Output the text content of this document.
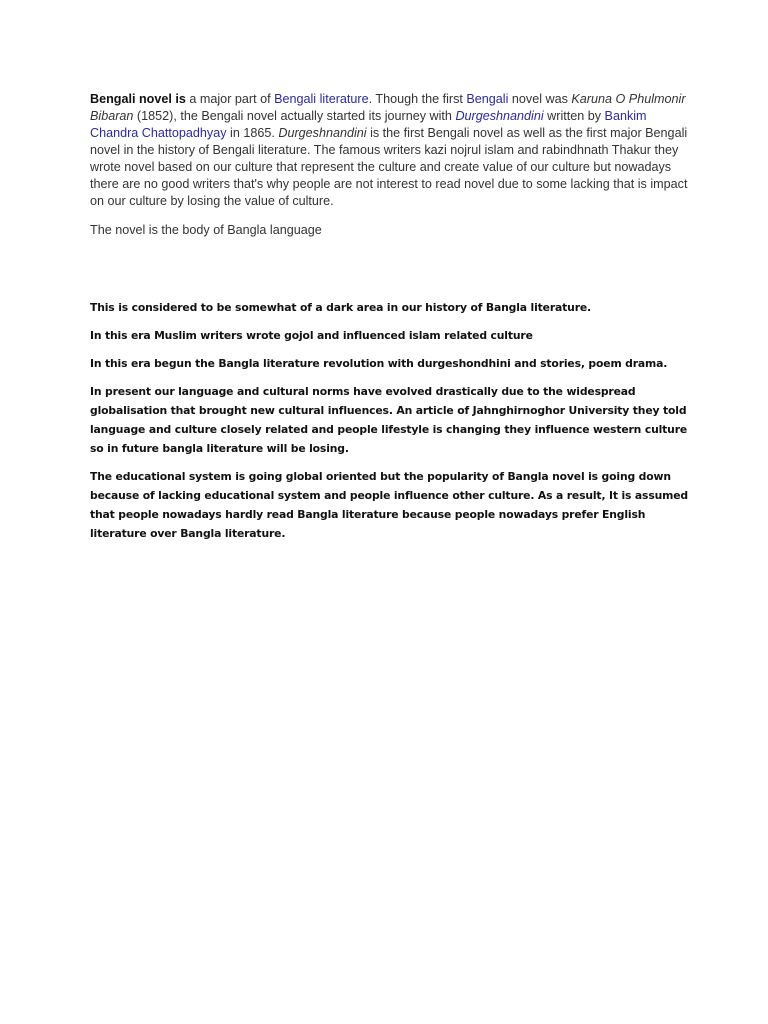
Bengali novel is a major part of Bengali literature. Though the first Bengali novel was Karuna O Phulmonir Bibaran (1852), the Bengali novel actually started its journey with Durgeshnandini written by Bankim Chandra Chattopadhyay in 1865. Durgeshnandini is the first Bengali novel as well as the first major Bengali novel in the history of Bengali literature. The famous writers kazi nojrul islam and rabindhnath Thakur they wrote novel based on our culture that represent the culture and create value of our culture but nowadays there are no good writers that's why people are not interest to read novel due to some lacking that is impact on our culture by losing the value of culture.

The novel is the body of Bangla language

This is considered to be somewhat of a dark area in our history of Bangla literature.

In this era Muslim writers wrote gojol and influenced islam related culture

In this era begun the Bangla literature revolution with durgeshondhini and stories, poem drama.

In present our language and cultural norms have evolved drastically due to the widespread globalisation that brought new cultural influences. An article of Jahnghirnoghor University they told language and culture closely related and people lifestyle is changing they influence western culture so in future bangla literature will be losing.

The educational system is going global oriented but the popularity of Bangla novel is going down because of lacking educational system and people influence other culture. As a result, It is assumed that people nowadays hardly read Bangla literature because people nowadays prefer English literature over Bangla literature.
